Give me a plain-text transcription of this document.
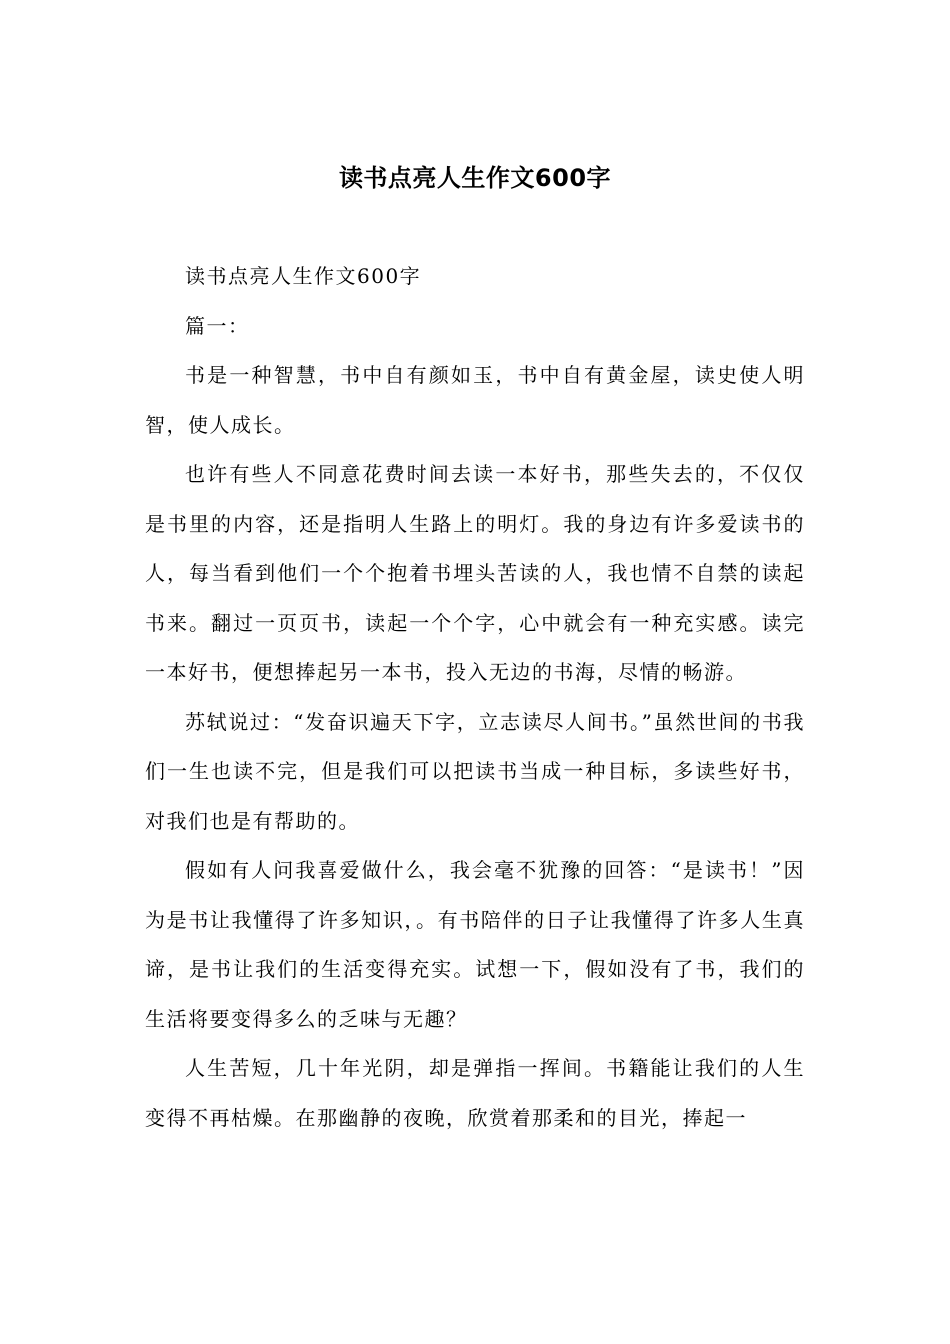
读书点亮人生作文600字

读书点亮人生作文600字

篇一：

书是一种智慧，书中自有颜如玉，书中自有黄金屋，读史使人明智，使人成长。

也许有些人不同意花费时间去读一本好书，那些失去的，不仅仅是书里的内容，还是指明人生路上的明灯。我的身边有许多爱读书的人，每当看到他们一个个抱着书埋头苦读的人，我也情不自禁的读起书来。翻过一页页书，读起一个个字，心中就会有一种充实感。读完一本好书，便想捧起另一本书，投入无边的书海，尽情的畅游。

苏轼说过：“发奋识遍天下字，立志读尽人间书。”虽然世间的书我们一生也读不完，但是我们可以把读书当成一种目标，多读些好书，对我们也是有帮助的。

假如有人问我喜爱做什么，我会毫不犹豫的回答：“是读书！”因为是书让我懂得了许多知识，。有书陪伴的日子让我懂得了许多人生真谛，是书让我们的生活变得充实。试想一下，假如没有了书，我们的生活将要变得多么的乏味与无趣？

人生苦短，几十年光阴，却是弹指一挥间。书籍能让我们的人生变得不再枯燥。在那幽静的夜晚，欣赏着那柔和的目光，捧起一
